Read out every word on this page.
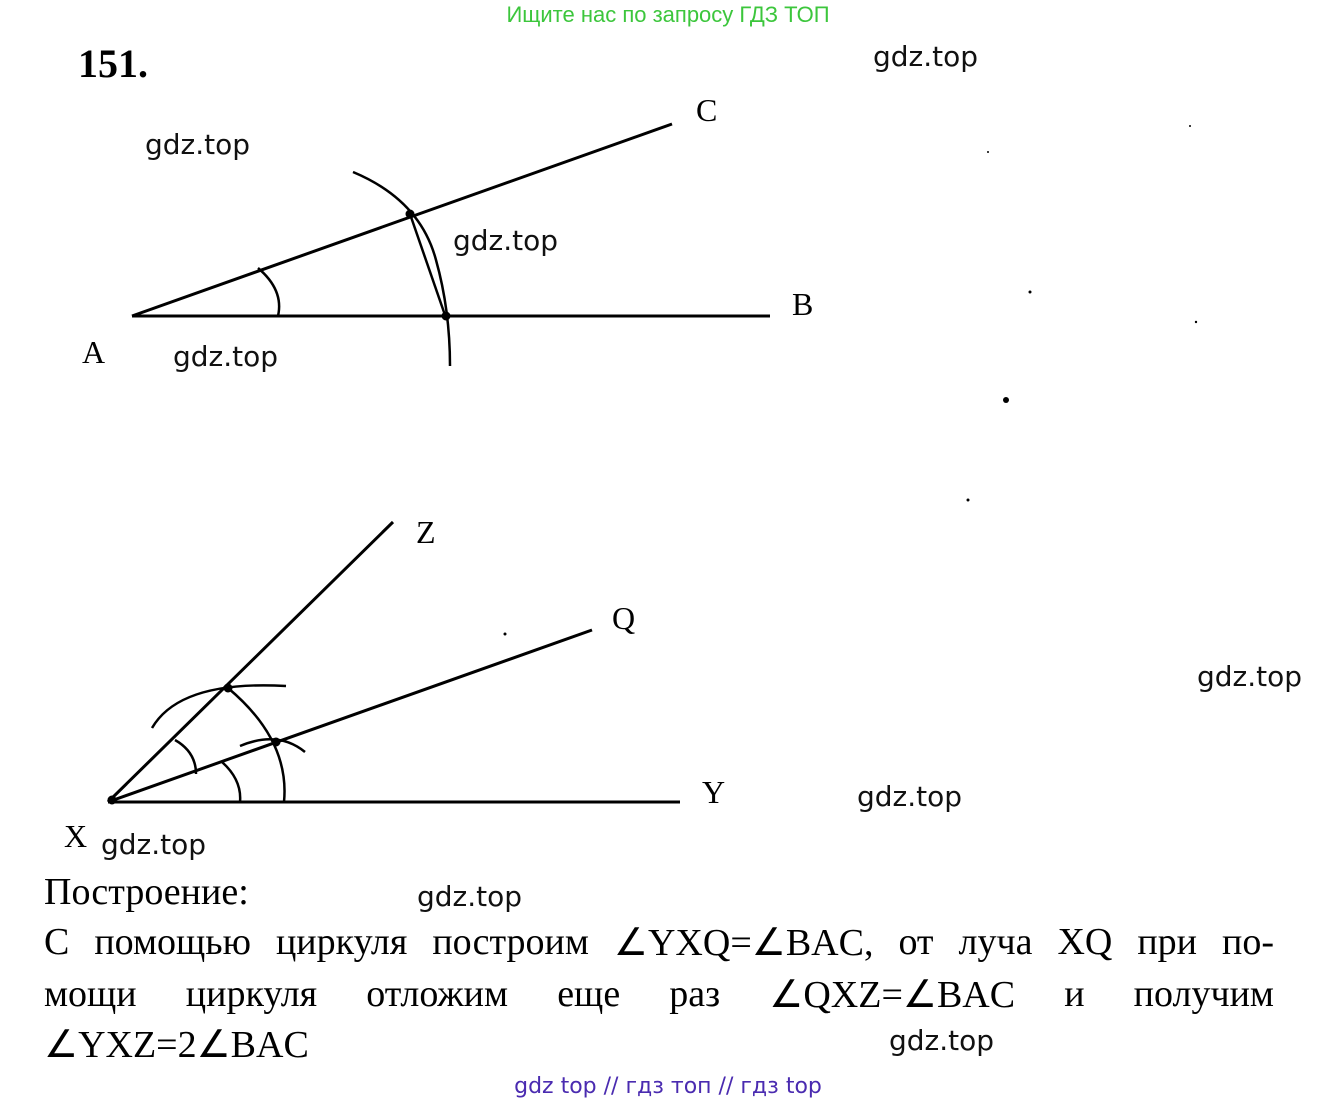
Ищите нас по запросу ГДЗ ТОП
151.
C
B
A
Z
Q
Y
X
gdz.top
gdz.top
gdz.top
gdz.top
gdz.top
gdz.top
gdz.top
gdz.top
gdz.top
Построение:
С помощью циркуля построим ∠YXQ=∠BAC, от луча XQ при по-
мощи циркуля отложим еще раз ∠QXZ=∠BAC и получим
∠YXZ=2∠BAC
gdz top // гдз топ // гдз top
